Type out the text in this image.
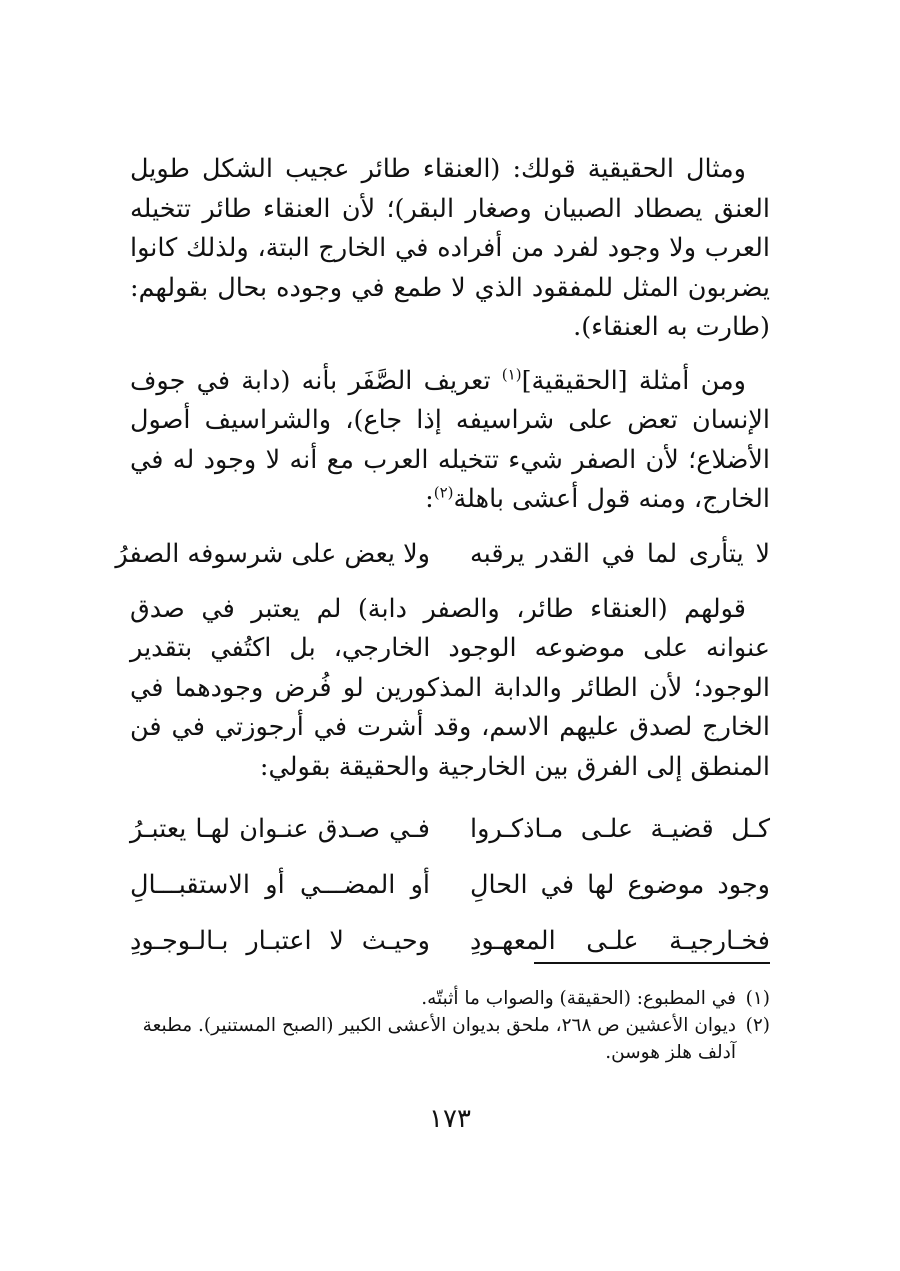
ومثال الحقيقية قولك: (العنقاء طائر عجيب الشكل طويل العنق يصطاد الصبيان وصغار البقر)؛ لأن العنقاء طائر تتخيله العرب ولا وجود لفرد من أفراده في الخارج البتة، ولذلك كانوا يضربون المثل للمفقود الذي لا طمع في وجوده بحال بقولهم: (طارت به العنقاء).

ومن أمثلة [الحقيقية]$^{(١)}$ تعريف الصَّفَر بأنه (دابة في جوف الإنسان تعض على شراسيفه إذا جاع)، والشراسيف أصول الأضلاع؛ لأن الصفر شيء تتخيله العرب مع أنه لا وجود له في الخارج، ومنه قول أعشى باهلة$^{(٢)}$:

لا يتأرى لما في القدر يرقبه
ولا يعض على شرسوفه الصفرُ

قولهم (العنقاء طائر، والصفر دابة) لم يعتبر في صدق عنوانه على موضوعه الوجود الخارجي، بل اكتُفي بتقدير الوجود؛ لأن الطائر والدابة المذكورين لو فُرض وجودهما في الخارج لصدق عليهم الاسم، وقد أشرت في أرجوزتي في فن المنطق إلى الفرق بين الخارجية والحقيقة بقولي:

كـل قضيـة علـى مـاذكـروا
فـي صـدق عنـوان لهـا يعتبـرُ
وجود موضوع لها في الحالِ
أو المضـــي أو الاستقبـــالِ
فخـارجيـة علـى المعهـودِ
وحيـث لا اعتبـار بـالـوجـودِ
(١)
في المطبوع: (الحقيقة) والصواب ما أثبتّه.
(٢)
ديوان الأعشين ص ٢٦٨، ملحق بديوان الأعشى الكبير (الصبح المستنير). مطبعة آدلف هلز هوسن.
١٧٣
